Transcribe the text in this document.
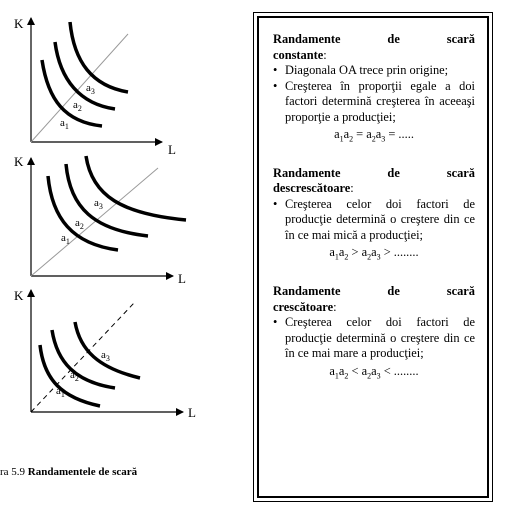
K
L
$a_1$
$a_2$
$a_3$
K
L
$a_1$
$a_2$
$a_3$
K
L
$a_1$
$a_2$
$a_3$
ra 5.9 Randamentele de scară
Randamente	de	scară
constante:
• Diagonala OA trece prin origine;
• Creşterea în proporţii egale a doi factori determină creşterea în aceeaşi proporţie a producţiei;
$a_1a_2 = a_2a_3$ = .....
Randamente	de	scară
descrescătoare:
• Creşterea celor doi factori de producţie determină o creştere din ce în ce mai mică a producţiei;
$a_1a_2 > a_2a_3$ > ........
Randamente	de	scară
crescătoare:
• Creşterea celor doi factori de producţie determină o creştere din ce în ce mai mare a producţiei;
$a_1a_2 < a_2a_3$ < ........
